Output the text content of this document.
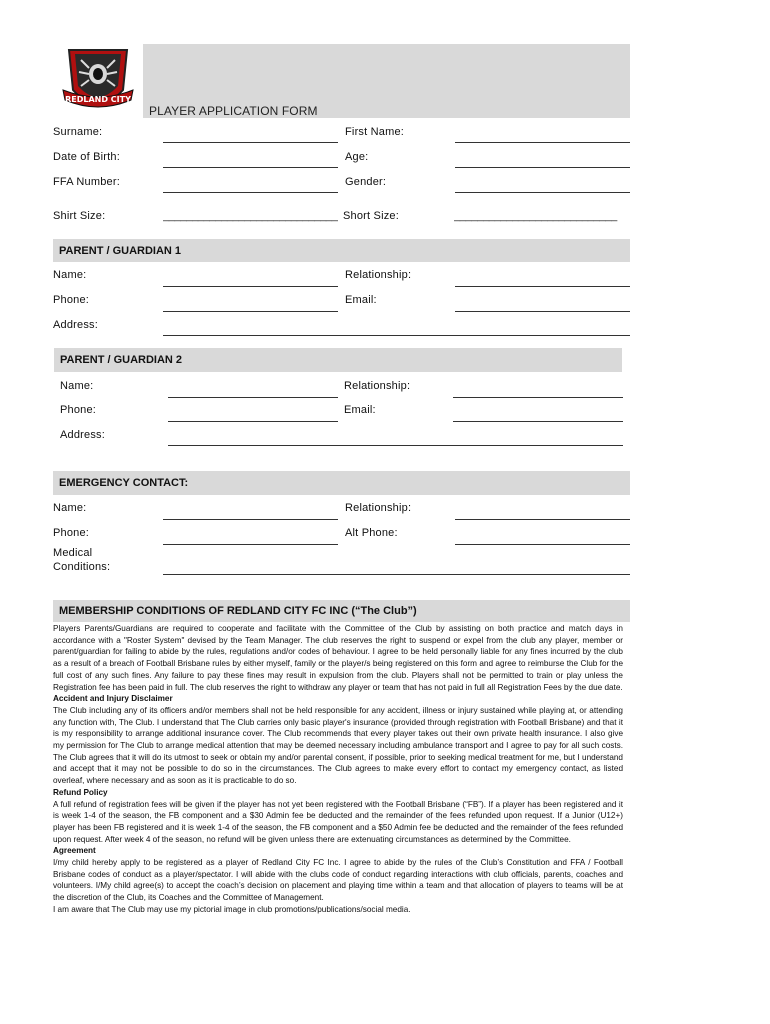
REDLAND CITY
PLAYER APPLICATION FORM
Surname:	First Name:
Date of Birth:	Age:
FFA Number:	Gender:
Shirt Size:	______________________________ Short Size:	____________________________
PARENT / GUARDIAN 1
Name:	Relationship:
Phone:	Email:
Address:
PARENT / GUARDIAN 2
Name:	Relationship:
Phone:	Email:
Address:
EMERGENCY CONTACT:
Name:	Relationship:
Phone:	Alt Phone:
Medical
Conditions:
MEMBERSHIP CONDITIONS OF REDLAND CITY FC INC (“The Club”)

Players Parents/Guardians are required to cooperate and facilitate with the Committee of the Club by assisting on both practice and match days in accordance with a "Roster System" devised by the Team Manager. The club reserves the right to suspend or expel from the club any player, member or parent/guardian for failing to abide by the rules, regulations and/or codes of behaviour. I agree to be held personally liable for any fines incurred by the club as a result of a breach of Football Brisbane rules by either myself, family or the player/s being registered on this form and agree to reimburse the Club for the full cost of any such fines. Any failure to pay these fines may result in expulsion from the club. Players shall not be permitted to train or play unless the Registration fee has been paid in full. The club reserves the right to withdraw any player or team that has not paid in full all Registration Fees by the due date.

Accident and Injury Disclaimer

The Club including any of its officers and/or members shall not be held responsible for any accident, illness or injury sustained while playing at, or attending any function with, The Club. I understand that The Club carries only basic player's insurance (provided through registration with Football Brisbane) and that it is my responsibility to arrange additional insurance cover. The Club recommends that every player takes out their own private health insurance. I also give my permission for The Club to arrange medical attention that may be deemed necessary including ambulance transport and I agree to pay for all such costs. The Club agrees that it will do its utmost to seek or obtain my and/or parental consent, if possible, prior to seeking medical treatment for me, but I understand and accept that it may not be possible to do so in the circumstances. The Club agrees to make every effort to contact my emergency contact, as listed overleaf, where necessary and as soon as it is practicable to do so.

Refund Policy

A full refund of registration fees will be given if the player has not yet been registered with the Football Brisbane (“FB”). If a player has been registered and it is week 1-4 of the season, the FB component and a $30 Admin fee be deducted and the remainder of the fees refunded upon request. If a Junior (U12+) player has been FB registered and it is week 1-4 of the season, the FB component and a $50 Admin fee be deducted and the remainder of the fees refunded upon request. After week 4 of the season, no refund will be given unless there are extenuating circumstances as determined by the Committee.

Agreement

I/my child hereby apply to be registered as a player of Redland City FC Inc. I agree to abide by the rules of the Club’s Constitution and FFA / Football Brisbane codes of conduct as a player/spectator. I will abide with the clubs code of conduct regarding interactions with club officials, parents, coaches and volunteers. I/My child agree(s) to accept the coach’s decision on placement and playing time within a team and that allocation of players to teams will be at the discretion of the Club, its Coaches and the Committee of Management.

I am aware that The Club may use my pictorial image in club promotions/publications/social media.
